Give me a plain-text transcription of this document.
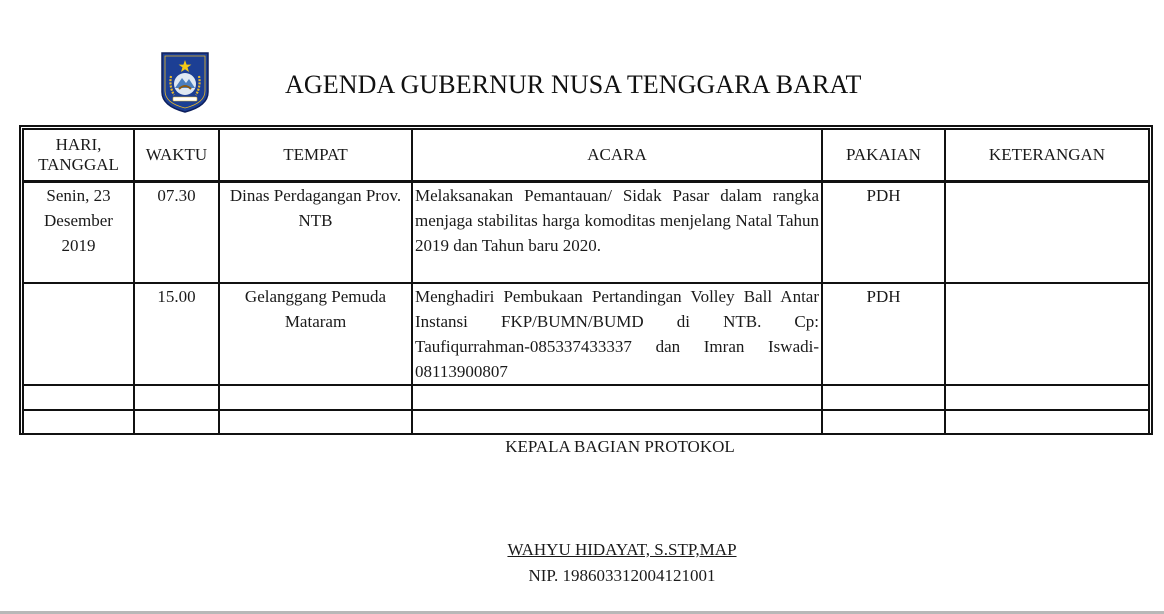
AGENDA GUBERNUR NUSA TENGGARA BARAT
HARI,
TANGGAL	WAKTU	TEMPAT	ACARA	PAKAIAN	KETERANGAN
Senin, 23 Desember 2019	07.30	Dinas Perdagangan Prov. NTB	Melaksanakan Pemantauan/ Sidak Pasar dalam rangka menjaga stabilitas harga komoditas menjelang Natal Tahun 2019 dan Tahun baru 2020.	PDH	
	15.00	Gelanggang Pemuda Mataram	Menghadiri Pembukaan Pertandingan Volley Ball Antar Instansi FKP/BUMN/BUMD di NTB. Cp: Taufiqurrahman-085337433337 dan Imran Iswadi-08113900807	PDH	

KEPALA BAGIAN PROTOKOL
WAHYU HIDAYAT, S.STP,MAP
NIP. 198603312004121001
